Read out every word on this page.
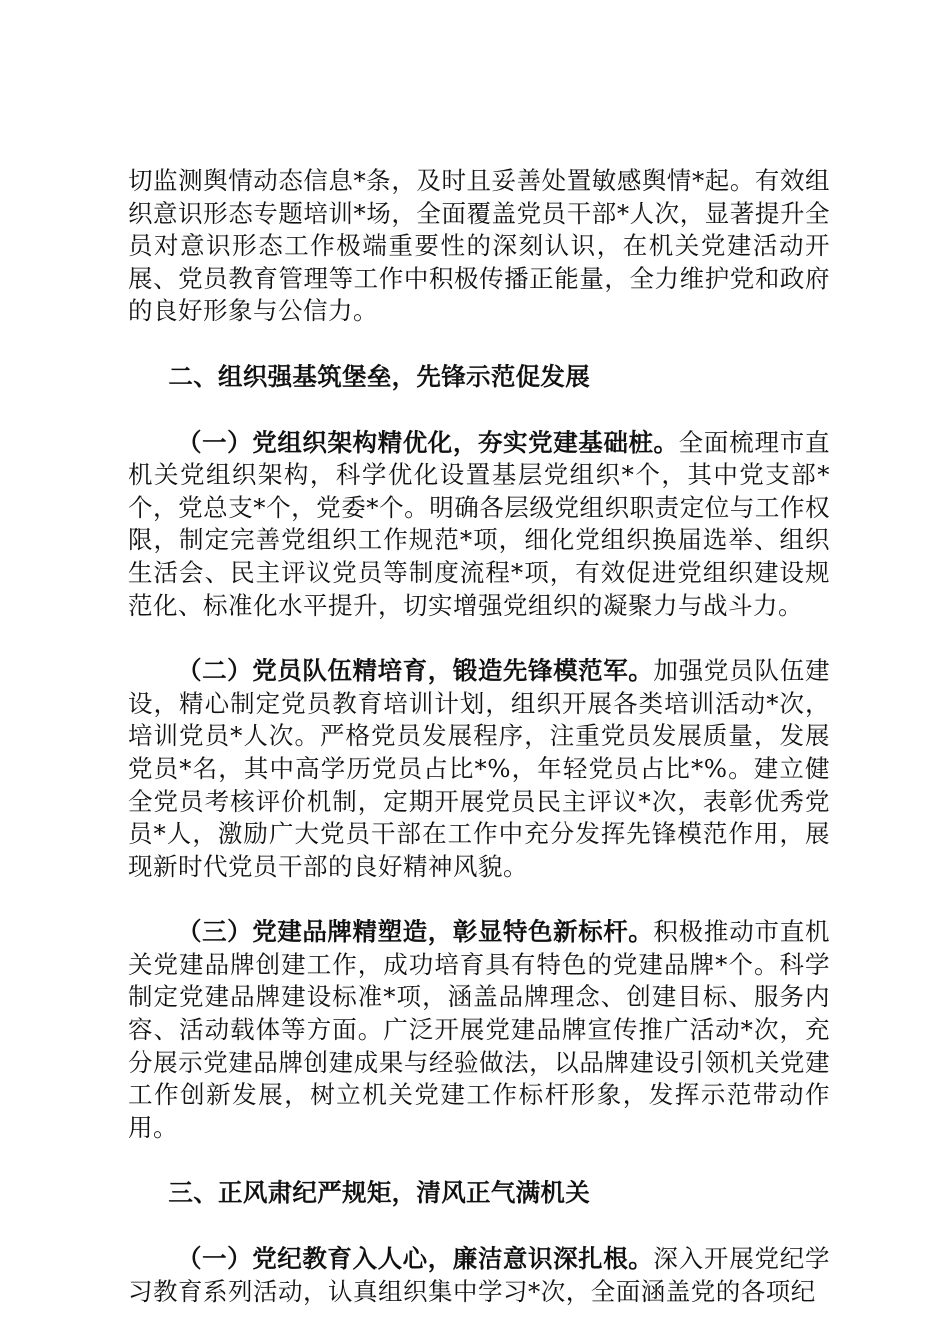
切监测舆情动态信息*条，及时且妥善处置敏感舆情*起。有效组织意识形态专题培训*场，全面覆盖党员干部*人次，显著提升全员对意识形态工作极端重要性的深刻认识，在机关党建活动开展、党员教育管理等工作中积极传播正能量，全力维护党和政府的良好形象与公信力。

二、组织强基筑堡垒，先锋示范促发展

（一）党组织架构精优化，夯实党建基础桩。全面梳理市直机关党组织架构，科学优化设置基层党组织*个，其中党支部*个，党总支*个，党委*个。明确各层级党组织职责定位与工作权限，制定完善党组织工作规范*项，细化党组织换届选举、组织生活会、民主评议党员等制度流程*项，有效促进党组织建设规范化、标准化水平提升，切实增强党组织的凝聚力与战斗力。

（二）党员队伍精培育，锻造先锋模范军。加强党员队伍建设，精心制定党员教育培训计划，组织开展各类培训活动*次，培训党员*人次。严格党员发展程序，注重党员发展质量，发展党员*名，其中高学历党员占比*%，年轻党员占比*%。建立健全党员考核评价机制，定期开展党员民主评议*次，表彰优秀党员*人，激励广大党员干部在工作中充分发挥先锋模范作用，展现新时代党员干部的良好精神风貌。

（三）党建品牌精塑造，彰显特色新标杆。积极推动市直机关党建品牌创建工作，成功培育具有特色的党建品牌*个。科学制定党建品牌建设标准*项，涵盖品牌理念、创建目标、服务内容、活动载体等方面。广泛开展党建品牌宣传推广活动*次，充分展示党建品牌创建成果与经验做法，以品牌建设引领机关党建工作创新发展，树立机关党建工作标杆形象，发挥示范带动作用。

三、正风肃纪严规矩，清风正气满机关

（一）党纪教育入人心，廉洁意识深扎根。深入开展党纪学习教育系列活动，认真组织集中学习*次，全面涵盖党的各项纪
